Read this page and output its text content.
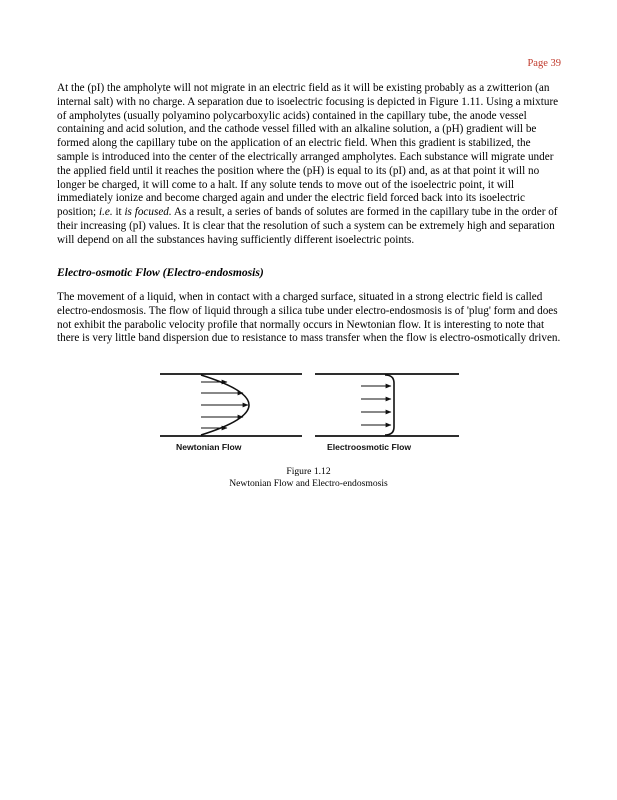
Page 39
At the (pI) the ampholyte will not migrate in an electric field as it will be existing probably as a zwitterion (an internal salt) with no charge. A separation due to isoelectric focusing is depicted in Figure 1.11. Using a mixture of ampholytes (usually polyamino polycarboxylic acids) contained in the capillary tube, the anode vessel containing and acid solution, and the cathode vessel filled with an alkaline solution, a (pH) gradient will be formed along the capillary tube on the application of an electric field. When this gradient is stabilized, the sample is introduced into the center of the electrically arranged ampholytes. Each substance will migrate under the applied field until it reaches the position where the (pH) is equal to its (pI) and, as at that point it will no longer be charged, it will come to a halt. If any solute tends to move out of the isoelectric point, it will immediately ionize and become charged again and under the electric field forced back into its isoelectric position; i.e. it is focused. As a result, a series of bands of solutes are formed in the capillary tube in the order of their increasing (pI) values. It is clear that the resolution of such a system can be extremely high and separation will depend on all the substances having sufficiently different isoelectric points.
Electro-osmotic Flow (Electro-endosmosis)
The movement of a liquid, when in contact with a charged surface, situated in a strong electric field is called electro-endosmosis. The flow of liquid through a silica tube under electro-endosmosis is of 'plug' form and does not exhibit the parabolic velocity profile that normally occurs in Newtonian flow. It is interesting to note that there is very little band dispersion due to resistance to mass transfer when the flow is electro-osmotically driven.
Newtonian Flow	Electroosmotic Flow
Figure 1.12
Newtonian Flow and Electro-endosmosis
